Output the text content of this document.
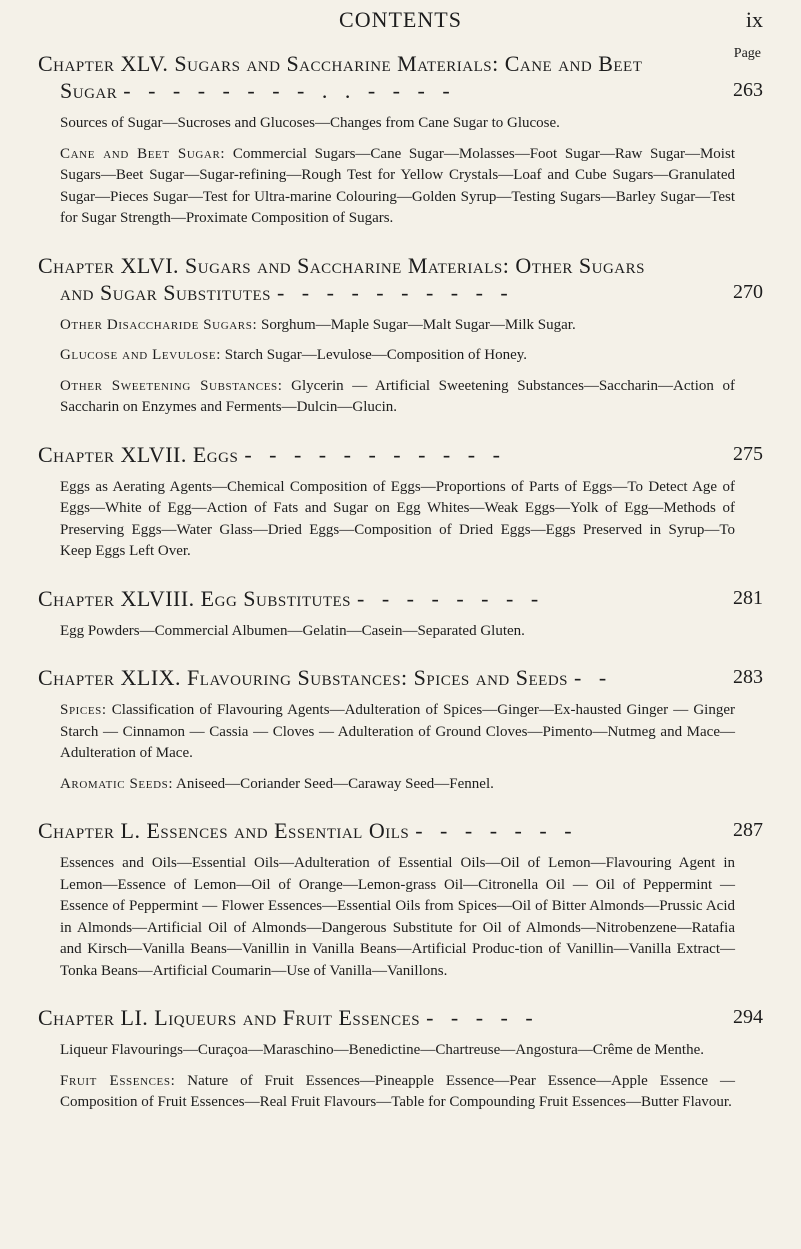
CONTENTS	ix
Page
Chapter XLV. Sugars and Saccharine Materials: Cane and Beet
Sugar - - - - - - - - . . - - - -	263
Sources of Sugar—Sucroses and Glucoses—Changes from Cane Sugar to Glucose.
Cane and Beet Sugar: Commercial Sugars—Cane Sugar—Molasses—Foot Sugar—Raw Sugar—Moist Sugars—Beet Sugar—Sugar-refining—Rough Test for Yellow Crystals—Loaf and Cube Sugars—Granulated Sugar—Pieces Sugar—Test for Ultra-marine Colouring—Golden Syrup—Testing Sugars—Barley Sugar—Test for Sugar Strength—Proximate Composition of Sugars.
Chapter XLVI. Sugars and Saccharine Materials: Other Sugars
and Sugar Substitutes - - - - - - - - - -	270
Other Disaccharide Sugars: Sorghum—Maple Sugar—Malt Sugar—Milk Sugar.
Glucose and Levulose: Starch Sugar—Levulose—Composition of Honey.
Other Sweetening Substances: Glycerin — Artificial Sweetening Substances—Saccharin—Action of Saccharin on Enzymes and Ferments—Dulcin—Glucin.
Chapter XLVII. Eggs - - - - - - - - - - -	275
Eggs as Aerating Agents—Chemical Composition of Eggs—Proportions of Parts of Eggs—To Detect Age of Eggs—White of Egg—Action of Fats and Sugar on Egg Whites—Weak Eggs—Yolk of Egg—Methods of Preserving Eggs—Water Glass—Dried Eggs—Composition of Dried Eggs—Eggs Preserved in Syrup—To Keep Eggs Left Over.
Chapter XLVIII. Egg Substitutes - - - - - - - -	281
Egg Powders—Commercial Albumen—Gelatin—Casein—Separated Gluten.
Chapter XLIX. Flavouring Substances: Spices and Seeds - -	283
Spices: Classification of Flavouring Agents—Adulteration of Spices—Ginger—Ex-hausted Ginger — Ginger Starch — Cinnamon — Cassia — Cloves — Adulteration of Ground Cloves—Pimento—Nutmeg and Mace—Adulteration of Mace.
Aromatic Seeds: Aniseed—Coriander Seed—Caraway Seed—Fennel.
Chapter L. Essences and Essential Oils - - - - - - -	287
Essences and Oils—Essential Oils—Adulteration of Essential Oils—Oil of Lemon—Flavouring Agent in Lemon—Essence of Lemon—Oil of Orange—Lemon-grass Oil—Citronella Oil — Oil of Peppermint — Essence of Peppermint — Flower Essences—Essential Oils from Spices—Oil of Bitter Almonds—Prussic Acid in Almonds—Artificial Oil of Almonds—Dangerous Substitute for Oil of Almonds—Nitrobenzene—Ratafia and Kirsch—Vanilla Beans—Vanillin in Vanilla Beans—Artificial Produc-tion of Vanillin—Vanilla Extract—Tonka Beans—Artificial Coumarin—Use of Vanilla—Vanillons.
Chapter LI. Liqueurs and Fruit Essences - - - - -	294
Liqueur Flavourings—Curaçoa—Maraschino—Benedictine—Chartreuse—Angostura—Crême de Menthe.
Fruit Essences: Nature of Fruit Essences—Pineapple Essence—Pear Essence—Apple Essence — Composition of Fruit Essences—Real Fruit Flavours—Table for Compounding Fruit Essences—Butter Flavour.
